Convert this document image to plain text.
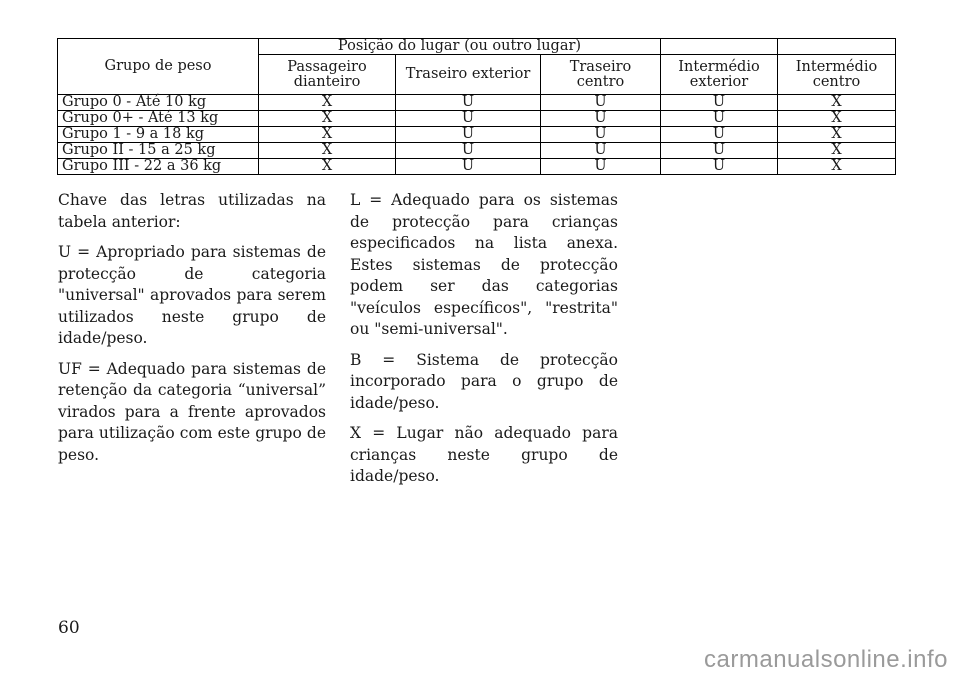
Grupo de peso	Posição do lugar (ou outro lugar)				
	Passageiro dianteiro	Traseiro exterior	Traseiro centro	Intermédio exterior	Intermédio centro
Grupo 0 - Até 10 kg	X	U	U	U	X
Grupo 0+ - Até 13 kg	X	U	U	U	X
Grupo 1 - 9 a 18 kg	X	U	U	U	X
Grupo II - 15 a 25 kg	X	U	U	U	X
Grupo III - 22 a 36 kg	X	U	U	U	X

Chave das letras utilizadas na tabela anterior:

U = Apropriado para sistemas de protecção de categoria "universal" aprovados para serem utilizados neste grupo de idade/peso.

UF = Adequado para sistemas de retenção da categoria “universal” virados para a frente aprovados para utilização com este grupo de peso.

L = Adequado para os sistemas de protecção para crianças especificados na lista anexa. Estes sistemas de protecção podem ser das categorias "veículos específicos", "restrita" ou "semi-universal".

B = Sistema de protecção incorporado para o grupo de idade/peso.

X = Lugar não adequado para crianças neste grupo de idade/peso.

60
carmanualsonline.info
